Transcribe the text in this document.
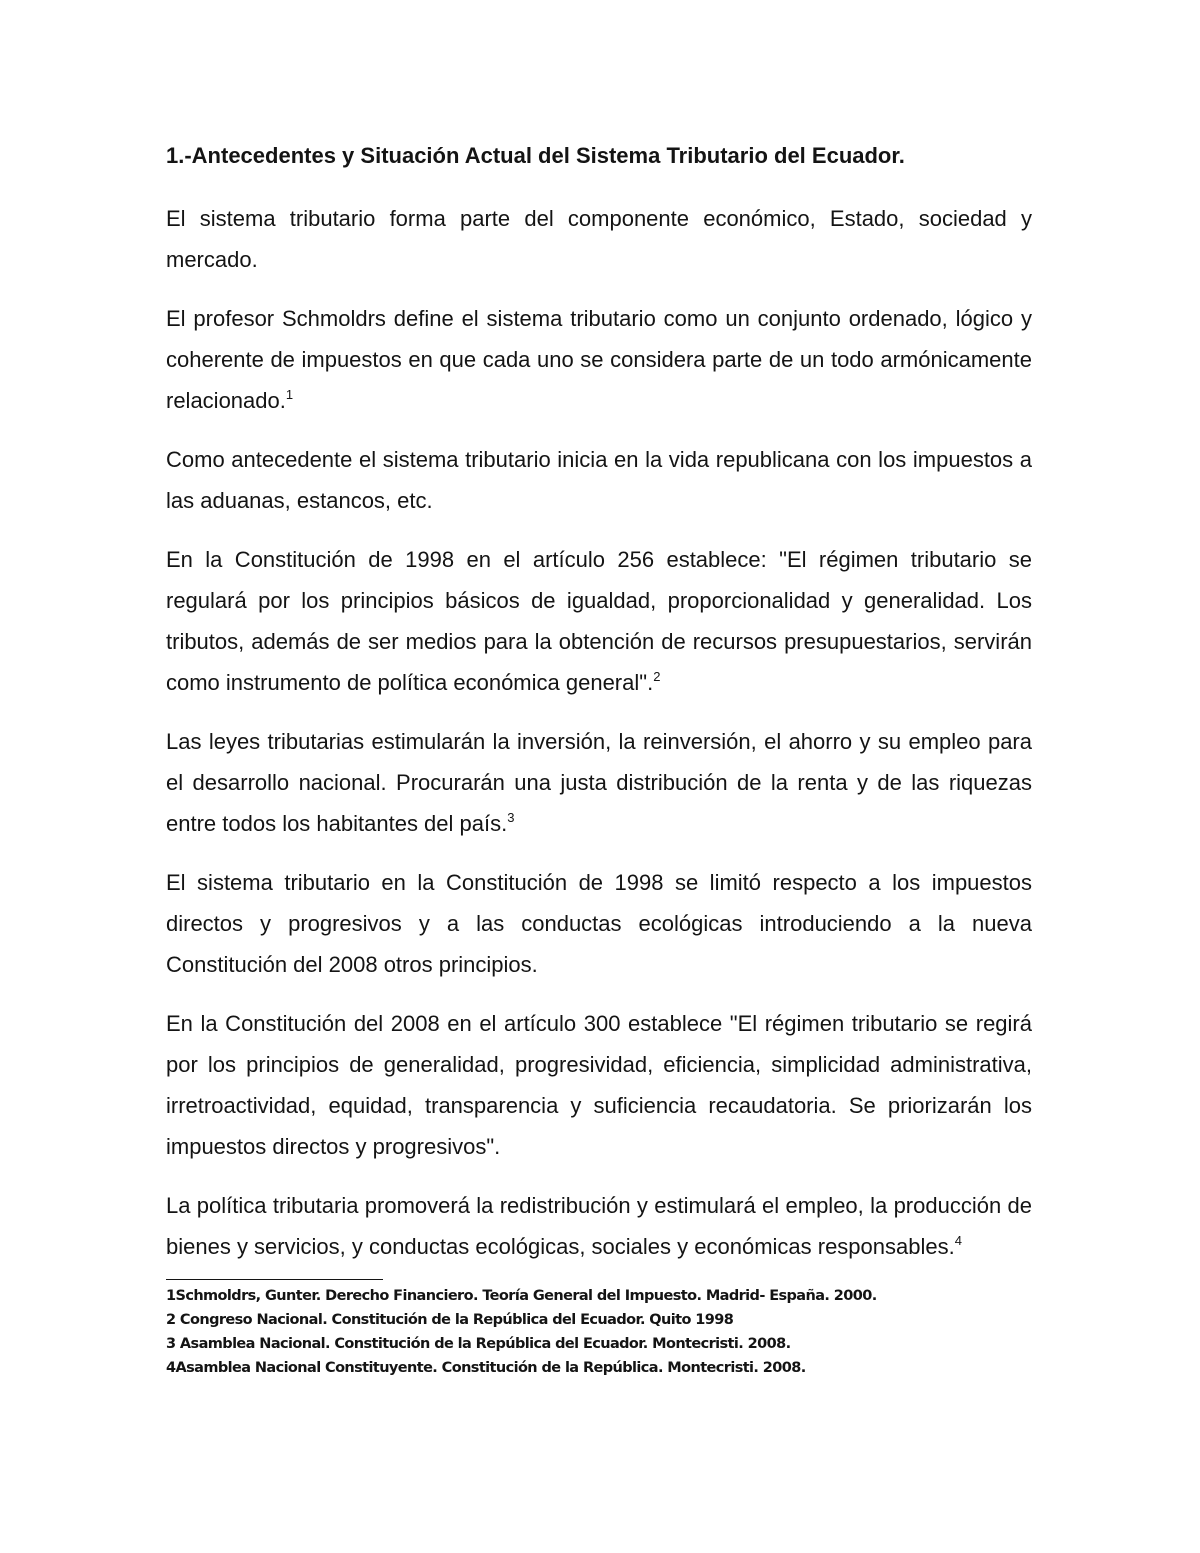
1.-Antecedentes y Situación Actual del Sistema Tributario del Ecuador.

El sistema tributario forma parte del componente económico, Estado, sociedad y mercado.

El profesor Schmoldrs define el sistema tributario como un conjunto ordenado, lógico y coherente de impuestos en que cada uno se considera parte de un todo armónicamente relacionado.$^1$

Como antecedente el sistema tributario inicia en la vida republicana con los impuestos a las aduanas, estancos, etc.

En la Constitución de 1998 en el artículo 256 establece: "El régimen tributario se regulará por los principios básicos de igualdad, proporcionalidad y generalidad. Los tributos, además de ser medios para la obtención de recursos presupuestarios, servirán como instrumento de política económica general".$^2$

Las leyes tributarias estimularán la inversión, la reinversión, el ahorro y su empleo para el desarrollo nacional. Procurarán una justa distribución de la renta y de las riquezas entre todos los habitantes del país.$^3$

El sistema tributario en la Constitución de 1998 se limitó respecto a los impuestos directos y progresivos y a las conductas ecológicas introduciendo a la nueva Constitución del 2008 otros principios.

En la Constitución del 2008 en el artículo 300 establece "El régimen tributario se regirá por los principios de generalidad, progresividad, eficiencia, simplicidad administrativa, irretroactividad, equidad, transparencia y suficiencia recaudatoria. Se priorizarán los impuestos directos y progresivos".

La política tributaria promoverá la redistribución y estimulará el empleo, la producción de bienes y servicios, y conductas ecológicas, sociales y económicas responsables.$^4$

1Schmoldrs, Gunter. Derecho Financiero. Teoría General del Impuesto. Madrid- España. 2000.

2 Congreso Nacional. Constitución de la República del Ecuador. Quito 1998

3 Asamblea Nacional. Constitución de la República del Ecuador. Montecristi. 2008.

4Asamblea Nacional Constituyente. Constitución de la República. Montecristi. 2008.
